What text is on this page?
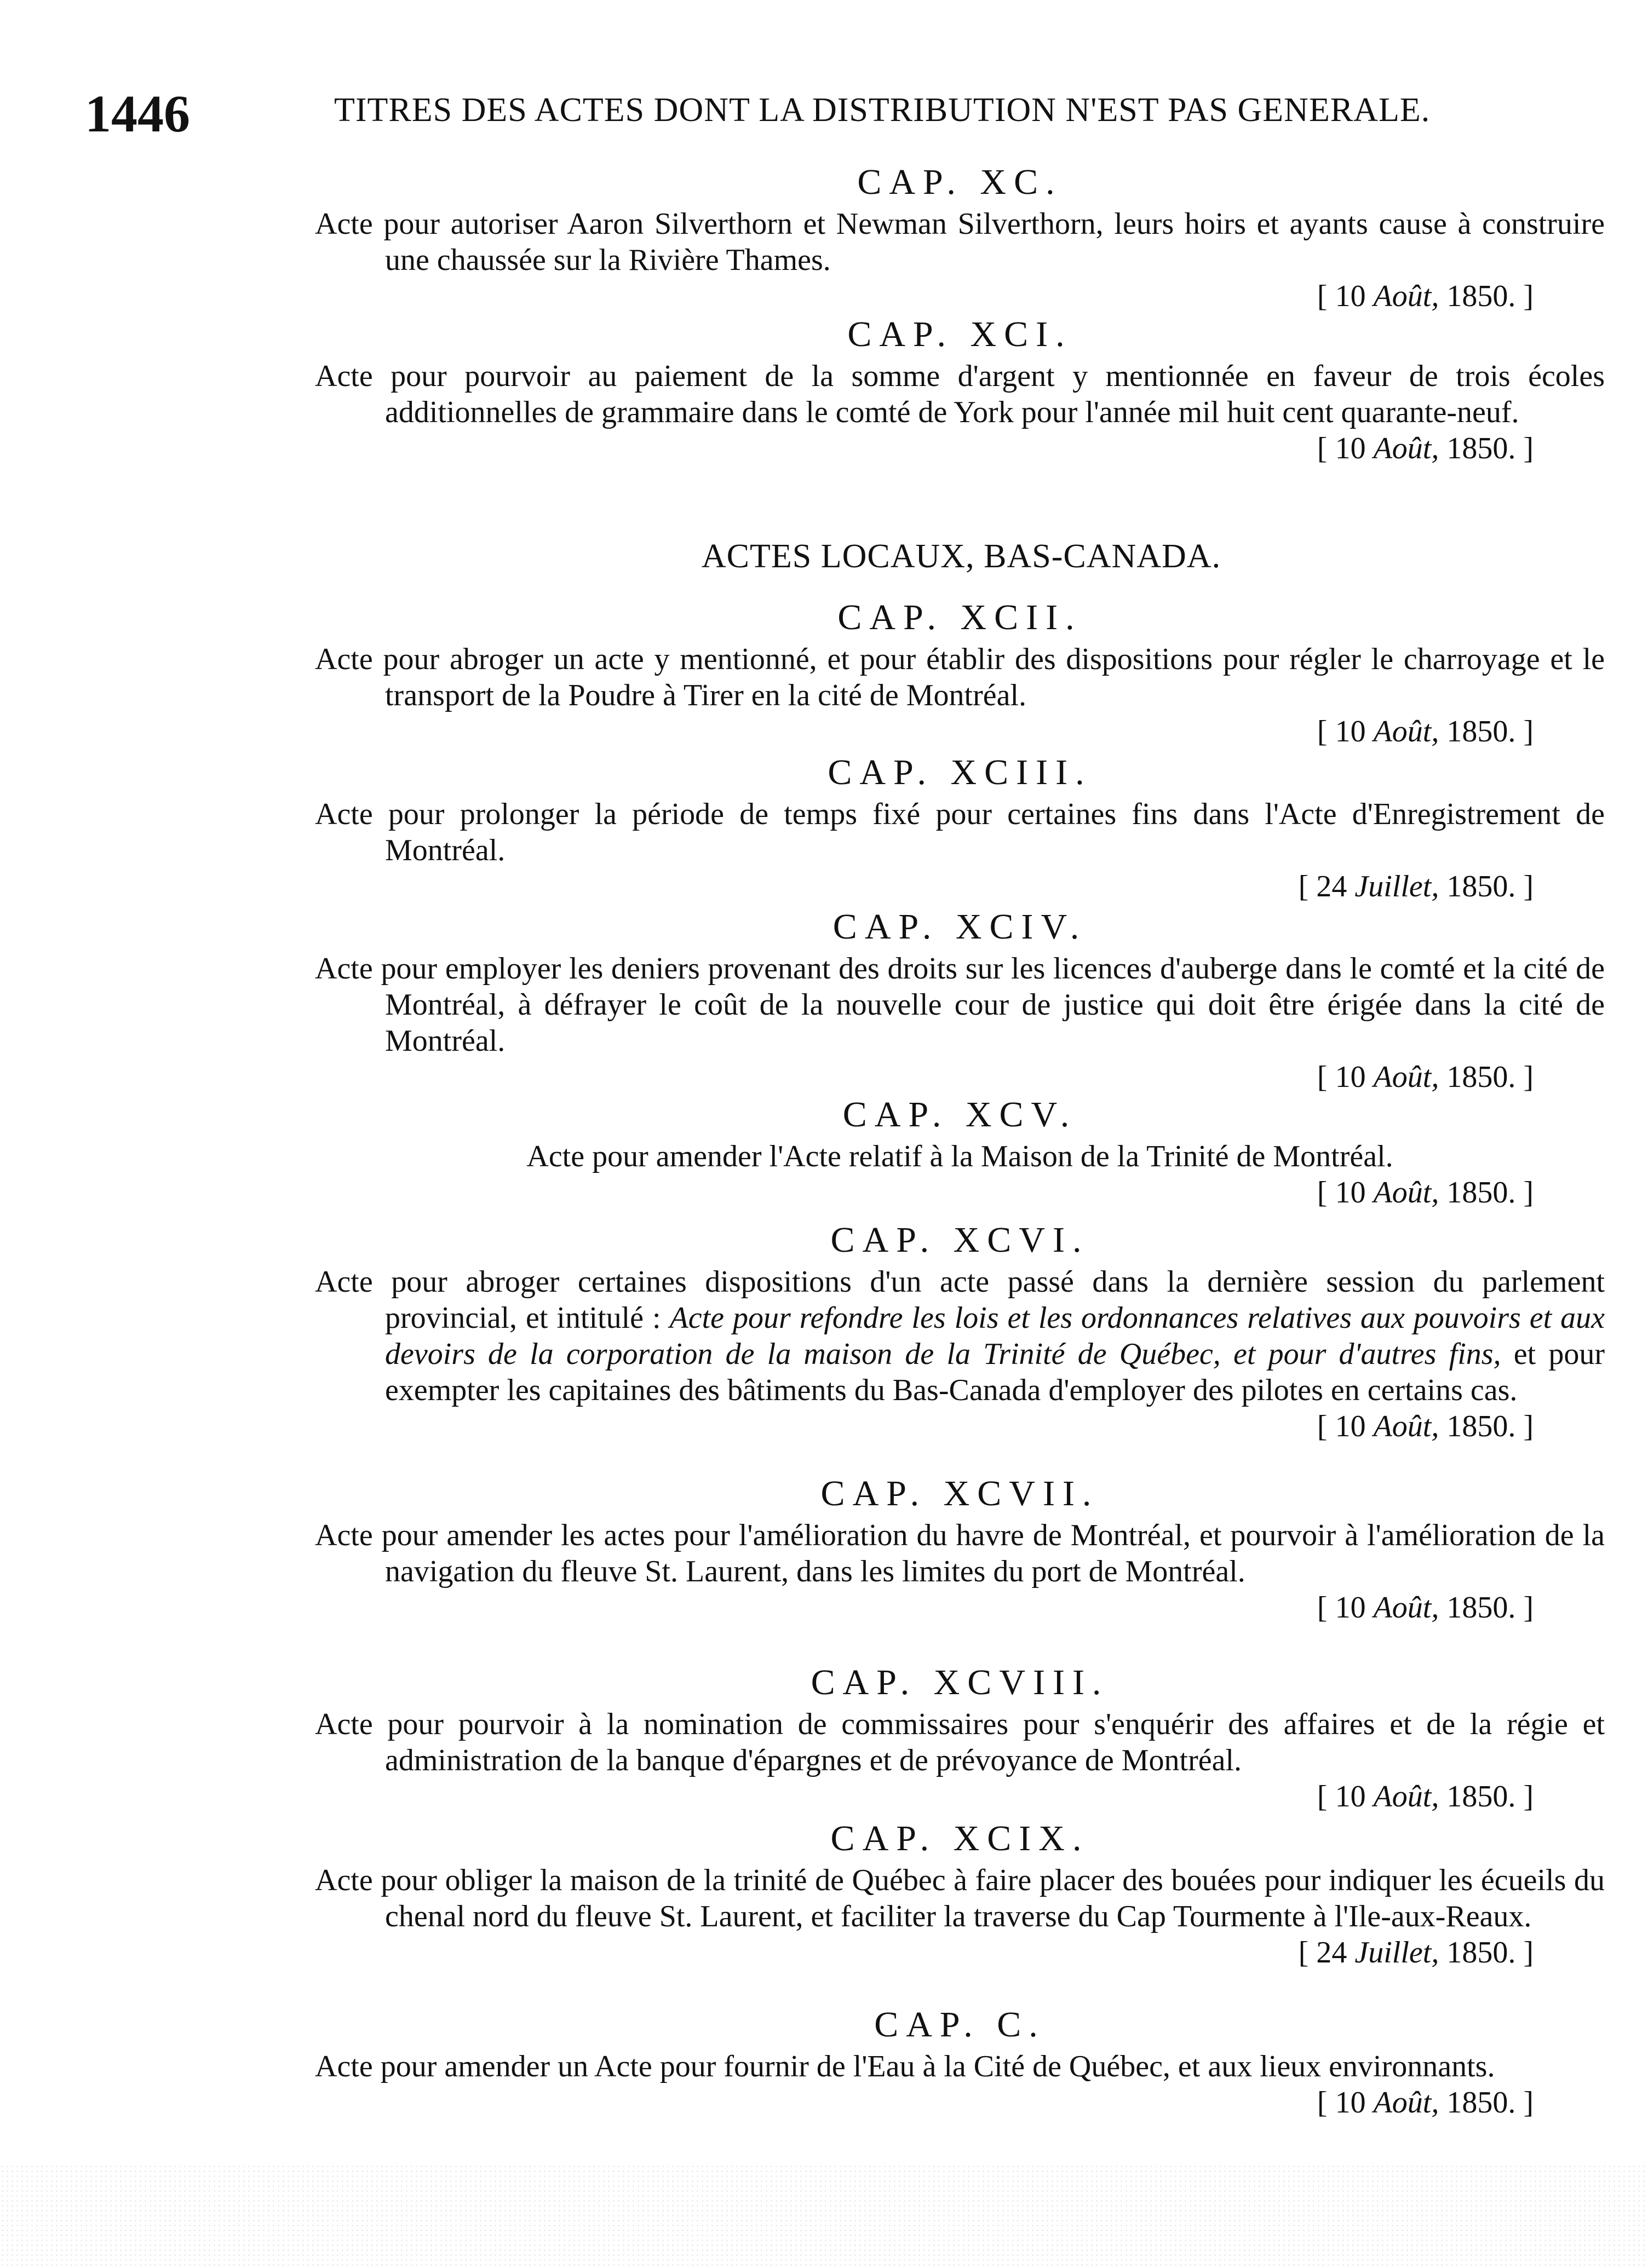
1446	TITRES DES ACTES DONT LA DISTRIBUTION N'EST PAS GENERALE.
CAP. XC.
Acte pour autoriser Aaron Silverthorn et Newman Silverthorn, leurs hoirs et ayants cause à construire une chaussée sur la Rivière Thames.
[ 10 Août, 1850. ]
CAP. XCI.
Acte pour pourvoir au paiement de la somme d'argent y mentionnée en faveur de trois écoles additionnelles de grammaire dans le comté de York pour l'année mil huit cent quarante-neuf.
[ 10 Août, 1850. ]
ACTES LOCAUX, BAS-CANADA.
CAP. XCII.
Acte pour abroger un acte y mentionné, et pour établir des dispositions pour régler le charroyage et le transport de la Poudre à Tirer en la cité de Montréal.
[ 10 Août, 1850. ]
CAP. XCIII.
Acte pour prolonger la période de temps fixé pour certaines fins dans l'Acte d'Enregistrement de Montréal.
[ 24 Juillet, 1850. ]
CAP. XCIV.
Acte pour employer les deniers provenant des droits sur les licences d'auberge dans le comté et la cité de Montréal, à défrayer le coût de la nouvelle cour de justice qui doit être érigée dans la cité de Montréal.
[ 10 Août, 1850. ]
CAP. XCV.
Acte pour amender l'Acte relatif à la Maison de la Trinité de Montréal.
[ 10 Août, 1850. ]
CAP. XCVI.
Acte pour abroger certaines dispositions d'un acte passé dans la dernière session du parlement provincial, et intitulé : Acte pour refondre les lois et les ordonnances relatives aux pouvoirs et aux devoirs de la corporation de la maison de la Trinité de Québec, et pour d'autres fins, et pour exempter les capitaines des bâtiments du Bas-Canada d'employer des pilotes en certains cas.
[ 10 Août, 1850. ]
CAP. XCVII.
Acte pour amender les actes pour l'amélioration du havre de Montréal, et pourvoir à l'amélioration de la navigation du fleuve St. Laurent, dans les limites du port de Montréal.
[ 10 Août, 1850. ]
CAP. XCVIII.
Acte pour pourvoir à la nomination de commissaires pour s'enquérir des affaires et de la régie et administration de la banque d'épargnes et de prévoyance de Montréal.
[ 10 Août, 1850. ]
CAP. XCIX.
Acte pour obliger la maison de la trinité de Québec à faire placer des bouées pour indiquer les écueils du chenal nord du fleuve St. Laurent, et faciliter la traverse du Cap Tourmente à l'Ile-aux-Reaux.
[ 24 Juillet, 1850. ]
CAP. C.
Acte pour amender un Acte pour fournir de l'Eau à la Cité de Québec, et aux lieux environnants.
[ 10 Août, 1850. ]
